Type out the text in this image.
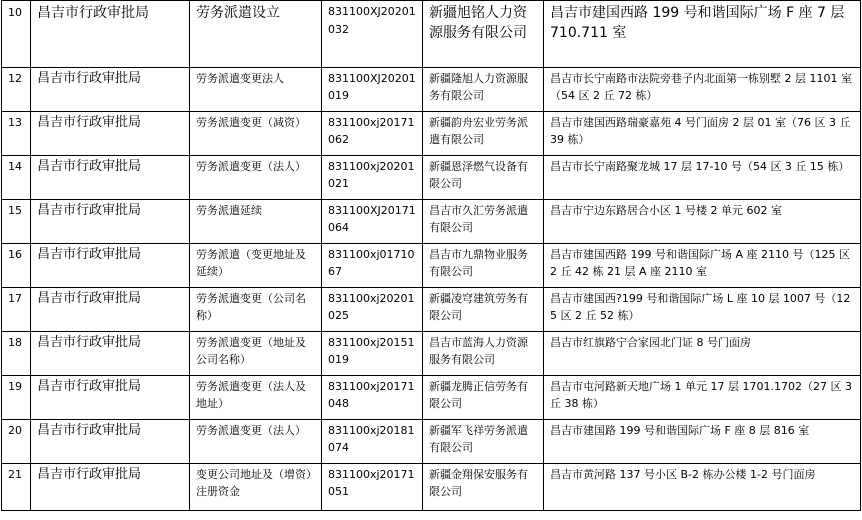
10	昌吉市行政审批局	劳务派遣设立	831100XJ20201032	新疆旭铭人力资源服务有限公司	昌吉市建国西路 199 号和谐国际广场 F 座 7 层 710.711 室
12	昌吉市行政审批局	劳务派遣变更法人	831100XJ20201019	新疆隆旭人力资源服务有限公司	昌吉市长宁南路市法院旁巷子内北面第一栋别墅 2 层 1101 室（54 区 2 丘 72 栋）
13	昌吉市行政审批局	劳务派遣变更（减资）	831100xj20171062	新疆韵舟宏业劳务派遣有限公司	昌吉市建国西路瑞豪嘉苑 4 号门面房 2 层 01 室（76 区 3 丘 39 栋）
14	昌吉市行政审批局	劳务派遣变更（法人）	831100xj20201021	新疆恩泽燃气设备有限公司	昌吉市长宁南路聚龙城 17 层 17-10 号（54 区 3 丘 15 栋）
15	昌吉市行政审批局	劳务派遣延续	831100XJ20171064	昌吉市久汇劳务派遣有限公司	昌吉市宁边东路居合小区 1 号楼 2 单元 602 室
16	昌吉市行政审批局	劳务派遣（变更地址及延续）	831100xj0171067	昌吉市九鼎物业服务有限公司	昌吉市建国西路 199 号和谐国际广场 A 座 2110 号（125 区 2 丘 42 栋 21 层 A 座 2110 室
17	昌吉市行政审批局	劳务派遣变更（公司名称）	831100xj20201025	新疆凌穹建筑劳务有限公司	昌吉市建国西?199 号和谐国际广场 L 座 10 层 1007 号（125 区 2 丘 52 栋）
18	昌吉市行政审批局	劳务派遣变更（地址及公司名称）	831100xj20151019	昌吉市蓝海人力资源服务有限公司	昌吉市红旗路宁合家园北门证 8 号门面房
19	昌吉市行政审批局	劳务派遣变更（法人及地址）	831100xj20171048	新疆龙腾正信劳务有限公司	昌吉市屯河路新天地广场 1 单元 17 层 1701.1702（27 区 3 丘 38 栋）
20	昌吉市行政审批局	劳务派遣变更（法人）	831100xj20181074	新疆军飞祥劳务派遣有限公司	昌吉市建国路 199 号和谐国际广场 F 座 8 层 816 室
21	昌吉市行政审批局	变更公司地址及（增资）注册资金	831100xj20171051	新疆金翔保安服务有限公司	昌吉市黄河路 137 号小区 B-2 栋办公楼 1-2 号门面房
